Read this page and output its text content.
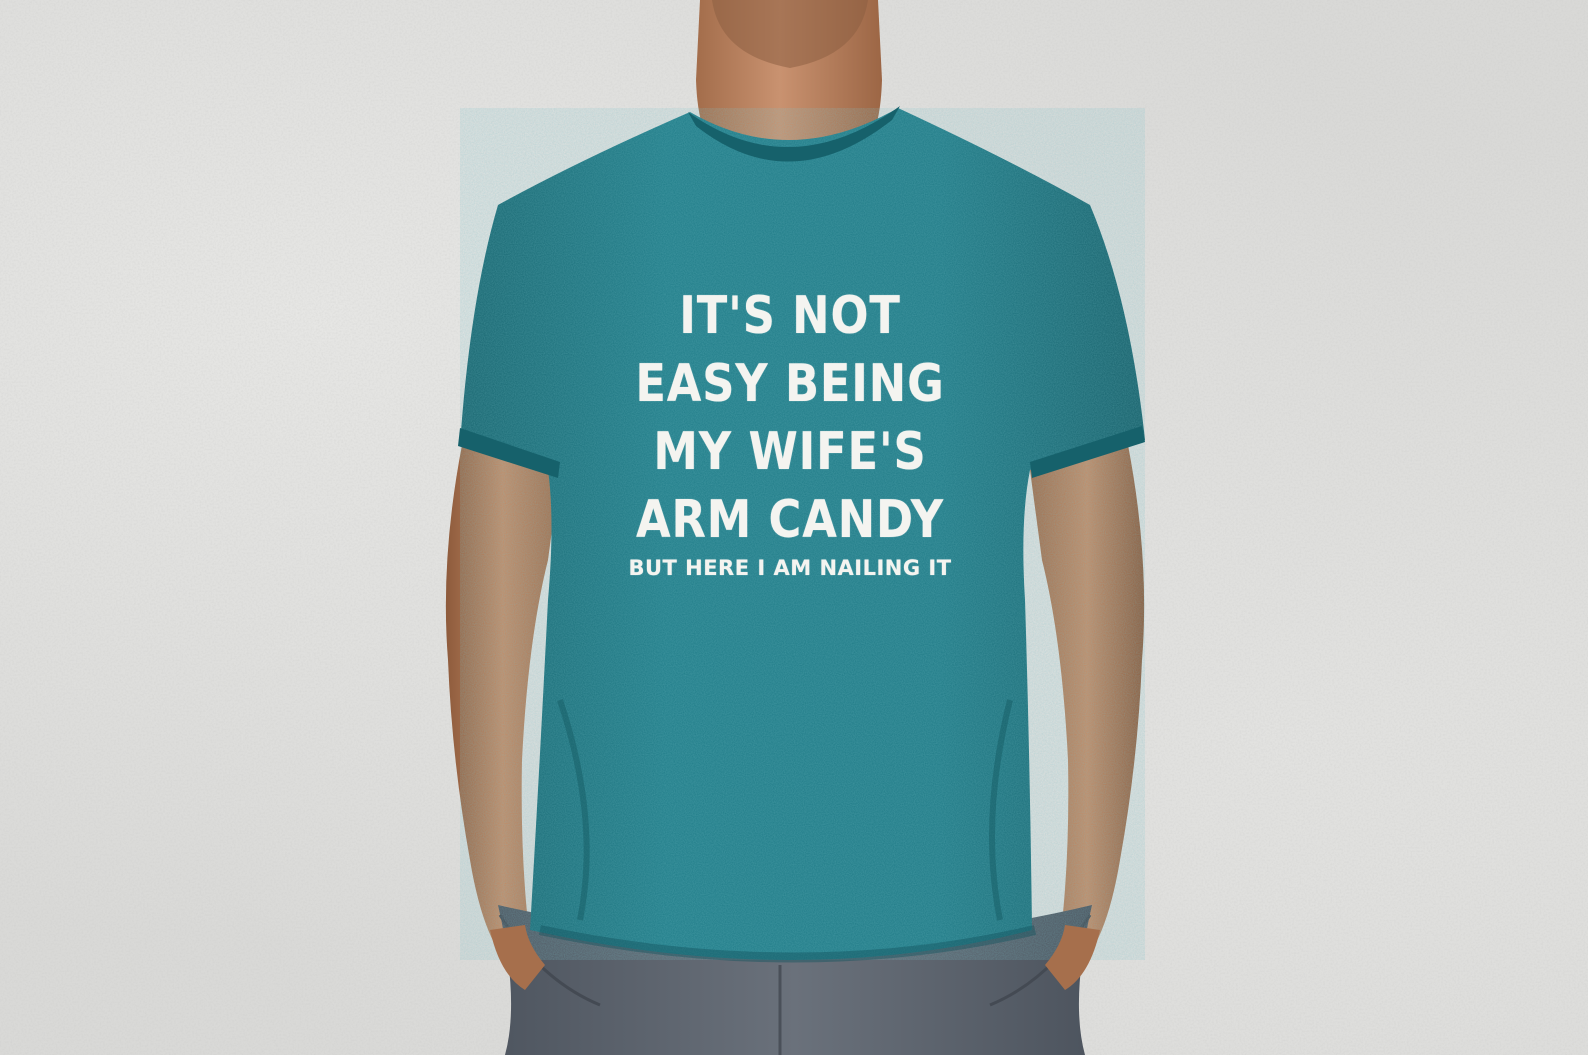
IT'S NOT
EASY BEING
MY WIFE'S
ARM CANDY
BUT HERE I AM NAILING IT
